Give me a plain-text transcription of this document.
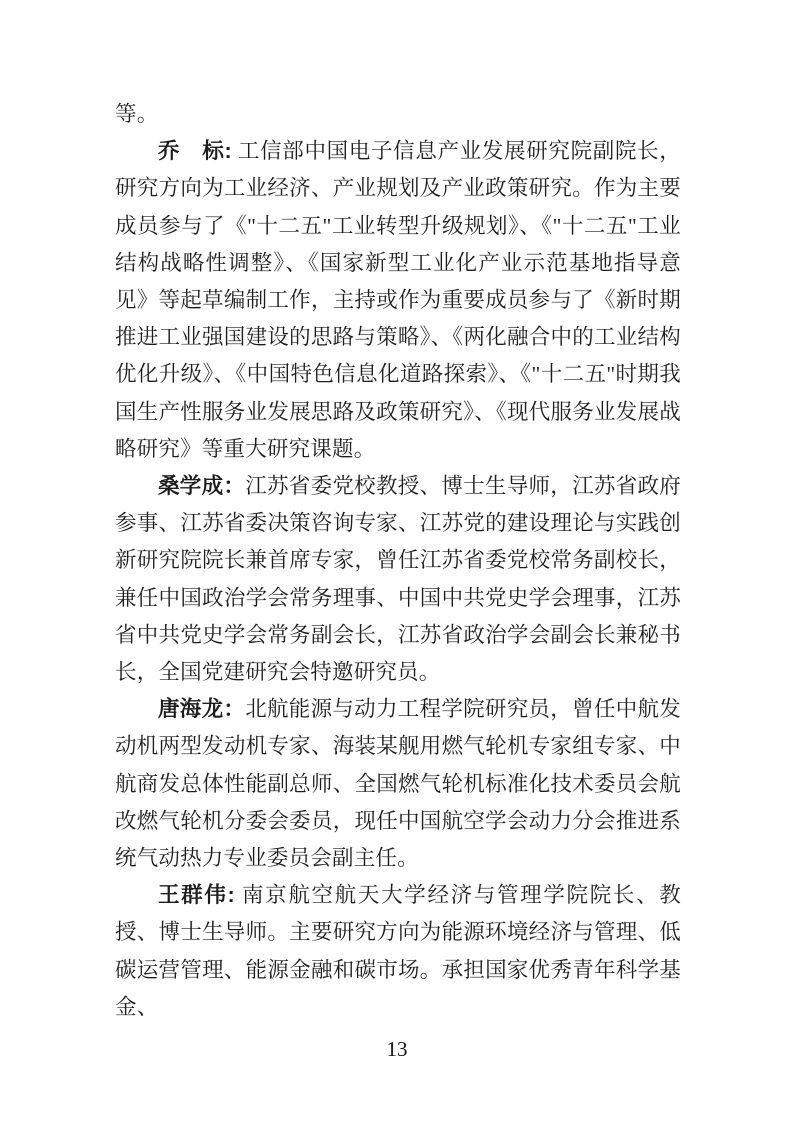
等。

乔　标: 工信部中国电子信息产业发展研究院副院长，研究方向为工业经济、产业规划及产业政策研究。作为主要成员参与了《"十二五"工业转型升级规划》、《"十二五"工业结构战略性调整》、《国家新型工业化产业示范基地指导意见》等起草编制工作，主持或作为重要成员参与了《新时期推进工业强国建设的思路与策略》、《两化融合中的工业结构优化升级》、《中国特色信息化道路探索》、《"十二五"时期我国生产性服务业发展思路及政策研究》、《现代服务业发展战略研究》等重大研究课题。

桑学成：江苏省委党校教授、博士生导师，江苏省政府参事、江苏省委决策咨询专家、江苏党的建设理论与实践创新研究院院长兼首席专家，曾任江苏省委党校常务副校长，兼任中国政治学会常务理事、中国中共党史学会理事，江苏省中共党史学会常务副会长，江苏省政治学会副会长兼秘书长，全国党建研究会特邀研究员。

唐海龙：北航能源与动力工程学院研究员，曾任中航发动机两型发动机专家、海装某舰用燃气轮机专家组专家、中航商发总体性能副总师、全国燃气轮机标准化技术委员会航改燃气轮机分委会委员，现任中国航空学会动力分会推进系统气动热力专业委员会副主任。

王群伟: 南京航空航天大学经济与管理学院院长、教授、博士生导师。主要研究方向为能源环境经济与管理、低碳运营管理、能源金融和碳市场。承担国家优秀青年科学基金、

13
